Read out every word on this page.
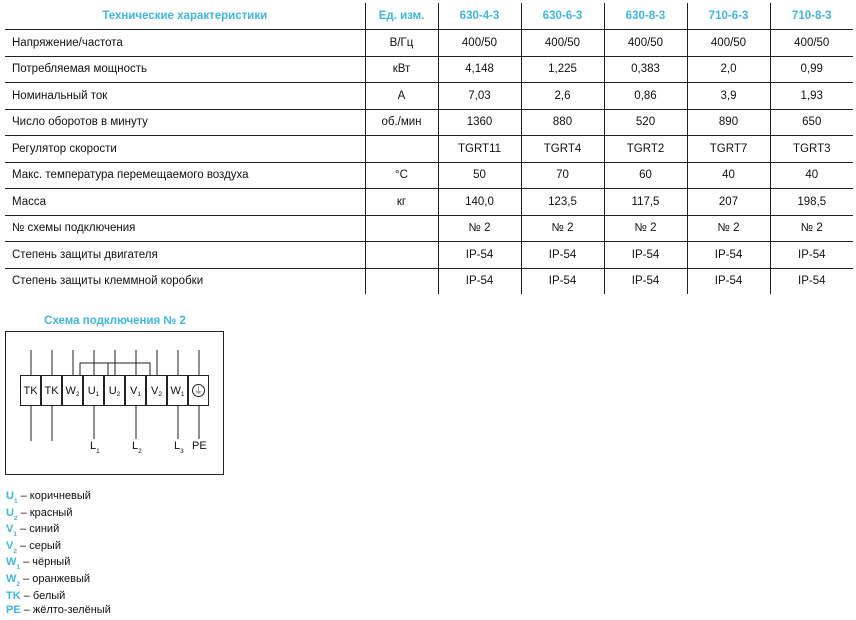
Технические характеристики	Ед. изм.	630-4-3	630-6-3	630-8-3	710-6-3	710-8-3
Напряжение/частота	В/Гц	400/50	400/50	400/50	400/50	400/50
Потребляемая мощность	кВт	4,148	1,225	0,383	2,0	0,99
Номинальный ток	А	7,03	2,6	0,86	3,9	1,93
Число оборотов в минуту	об./мин	1360	880	520	890	650
Регулятор скорости		TGRT11	TGRT4	TGRT2	TGRT7	TGRT3
Макс. температура перемещаемого воздуха	°С	50	70	60	40	40
Масса	кг	140,0	123,5	117,5	207	198,5
№ схемы подключения		№ 2	№ 2	№ 2	№ 2	№ 2
Степень защиты двигателя		IP-54	IP-54	IP-54	IP-54	IP-54
Степень защиты клеммной коробки		IP-54	IP-54	IP-54	IP-54	IP-54
Схема подключения № 2
TK TK W 2 U 1 U 2 V 1 V 2 W 1 ⏚
$L_1$	$L_2$	$L_3$ PE
$U_1$ – коричневый
$U_2$ – красный
$V_1$ – синий
$V_2$ – серый
$W_1$ – чёрный
$W_2$ – оранжевый
TK – белый
PE – жёлто-зелёный
